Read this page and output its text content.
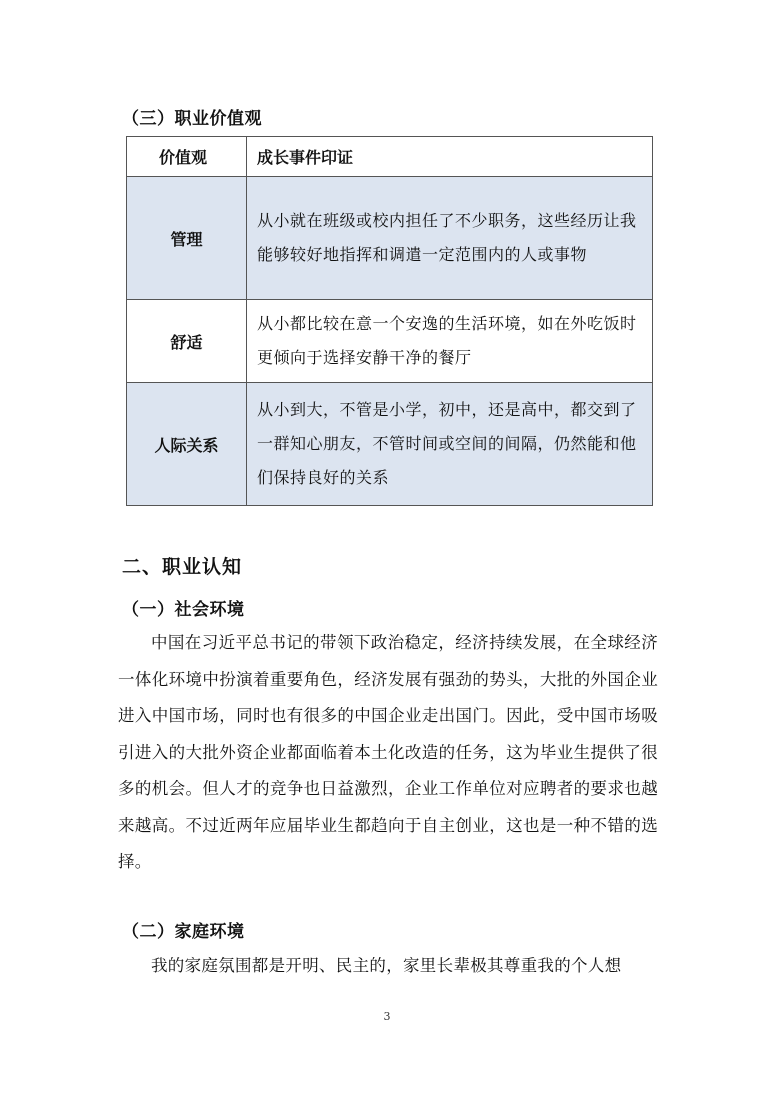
（三）职业价值观
价值观	成长事件印证
管理	从小就在班级或校内担任了不少职务，这些经历让我能够较好地指挥和调遣一定范围内的人或事物
舒适	从小都比较在意一个安逸的生活环境，如在外吃饭时更倾向于选择安静干净的餐厅
人际关系	从小到大，不管是小学，初中，还是高中，都交到了一群知心朋友，不管时间或空间的间隔，仍然能和他们保持良好的关系
二、职业认知
（一）社会环境

中国在习近平总书记的带领下政治稳定，经济持续发展，在全球经济一体化环境中扮演着重要角色，经济发展有强劲的势头，大批的外国企业进入中国市场，同时也有很多的中国企业走出国门。因此，受中国市场吸引进入的大批外资企业都面临着本土化改造的任务，这为毕业生提供了很多的机会。但人才的竞争也日益激烈，企业工作单位对应聘者的要求也越来越高。不过近两年应届毕业生都趋向于自主创业，这也是一种不错的选择。

（二）家庭环境

我的家庭氛围都是开明、民主的，家里长辈极其尊重我的个人想

3
